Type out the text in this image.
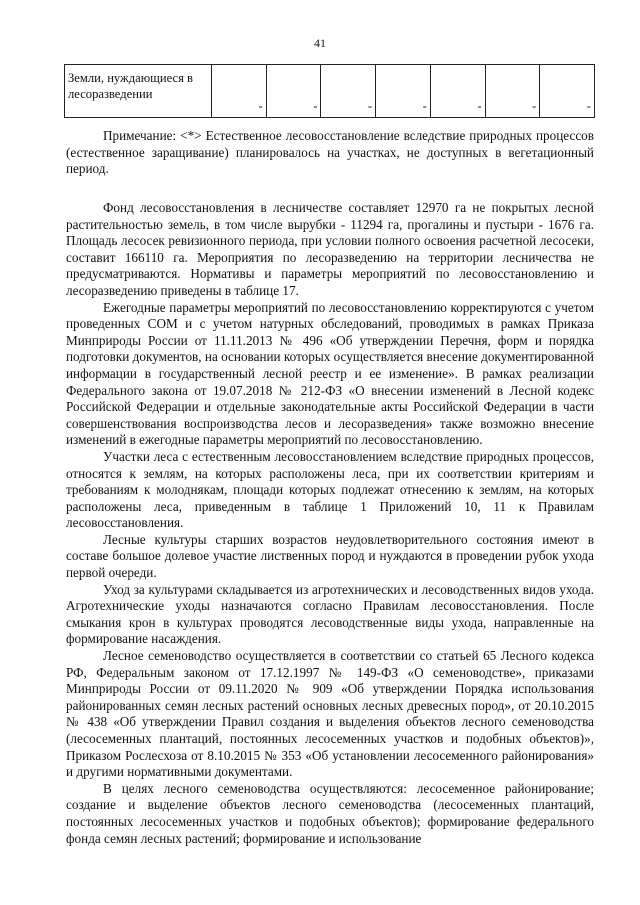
41
Земли, нуждающиеся в лесоразведении	-	-	-	-	-	-	-

Примечание: <*> Естественное лесовосстановление вследствие природных процессов (естественное заращивание) планировалось на участках, не доступных в вегетационный период.

Фонд лесовосстановления в лесничестве составляет 12970 га не покрытых лесной растительностью земель, в том числе вырубки - 11294 га, прогалины и пустыри - 1676 га. Площадь лесосек ревизионного периода, при условии полного освоения расчетной лесосеки, составит 166110 га. Мероприятия по лесоразведению на территории лесничества не предусматриваются. Нормативы и параметры мероприятий по лесовосстановлению и лесоразведению приведены в таблице 17.

Ежегодные параметры мероприятий по лесовосстановлению корректируются с учетом проведенных СОМ и с учетом натурных обследований, проводимых в рамках Приказа Минприроды России от 11.11.2013 № 496 «Об утверждении Перечня, форм и порядка подготовки документов, на основании которых осуществляется внесение документированной информации в государственный лесной реестр и ее изменение». В рамках реализации Федерального закона от 19.07.2018 № 212-ФЗ «О внесении изменений в Лесной кодекс Российской Федерации и отдельные законодательные акты Российской Федерации в части совершенствования воспроизводства лесов и лесоразведения» также возможно внесение изменений в ежегодные параметры мероприятий по лесовосстановлению.

Участки леса с естественным лесовосстановлением вследствие природных процессов, относятся к землям, на которых расположены леса, при их соответствии критериям и требованиям к молоднякам, площади которых подлежат отнесению к землям, на которых расположены леса, приведенным в таблице 1 Приложений 10, 11 к Правилам лесовосстановления.

Лесные культуры старших возрастов неудовлетворительного состояния имеют в составе большое долевое участие лиственных пород и нуждаются в проведении рубок ухода первой очереди.

Уход за культурами складывается из агротехнических и лесоводственных видов ухода. Агротехнические уходы назначаются согласно Правилам лесовосстановления. После смыкания крон в культурах проводятся лесоводственные виды ухода, направленные на формирование насаждения.

Лесное семеноводство осуществляется в соответствии со статьей 65 Лесного кодекса РФ, Федеральным законом от 17.12.1997 № 149-ФЗ «О семеноводстве», приказами Минприроды России от 09.11.2020 № 909 «Об утверждении Порядка использования районированных семян лесных растений основных лесных древесных пород», от 20.10.2015 № 438 «Об утверждении Правил создания и выделения объектов лесного семеноводства (лесосеменных плантаций, постоянных лесосеменных участков и подобных объектов)», Приказом Рослесхоза от 8.10.2015 № 353 «Об установлении лесосеменного районирования» и другими нормативными документами.

В целях лесного семеноводства осуществляются: лесосеменное районирование; создание и выделение объектов лесного семеноводства (лесосеменных плантаций, постоянных лесосеменных участков и подобных объектов); формирование федерального фонда семян лесных растений; формирование и использование
